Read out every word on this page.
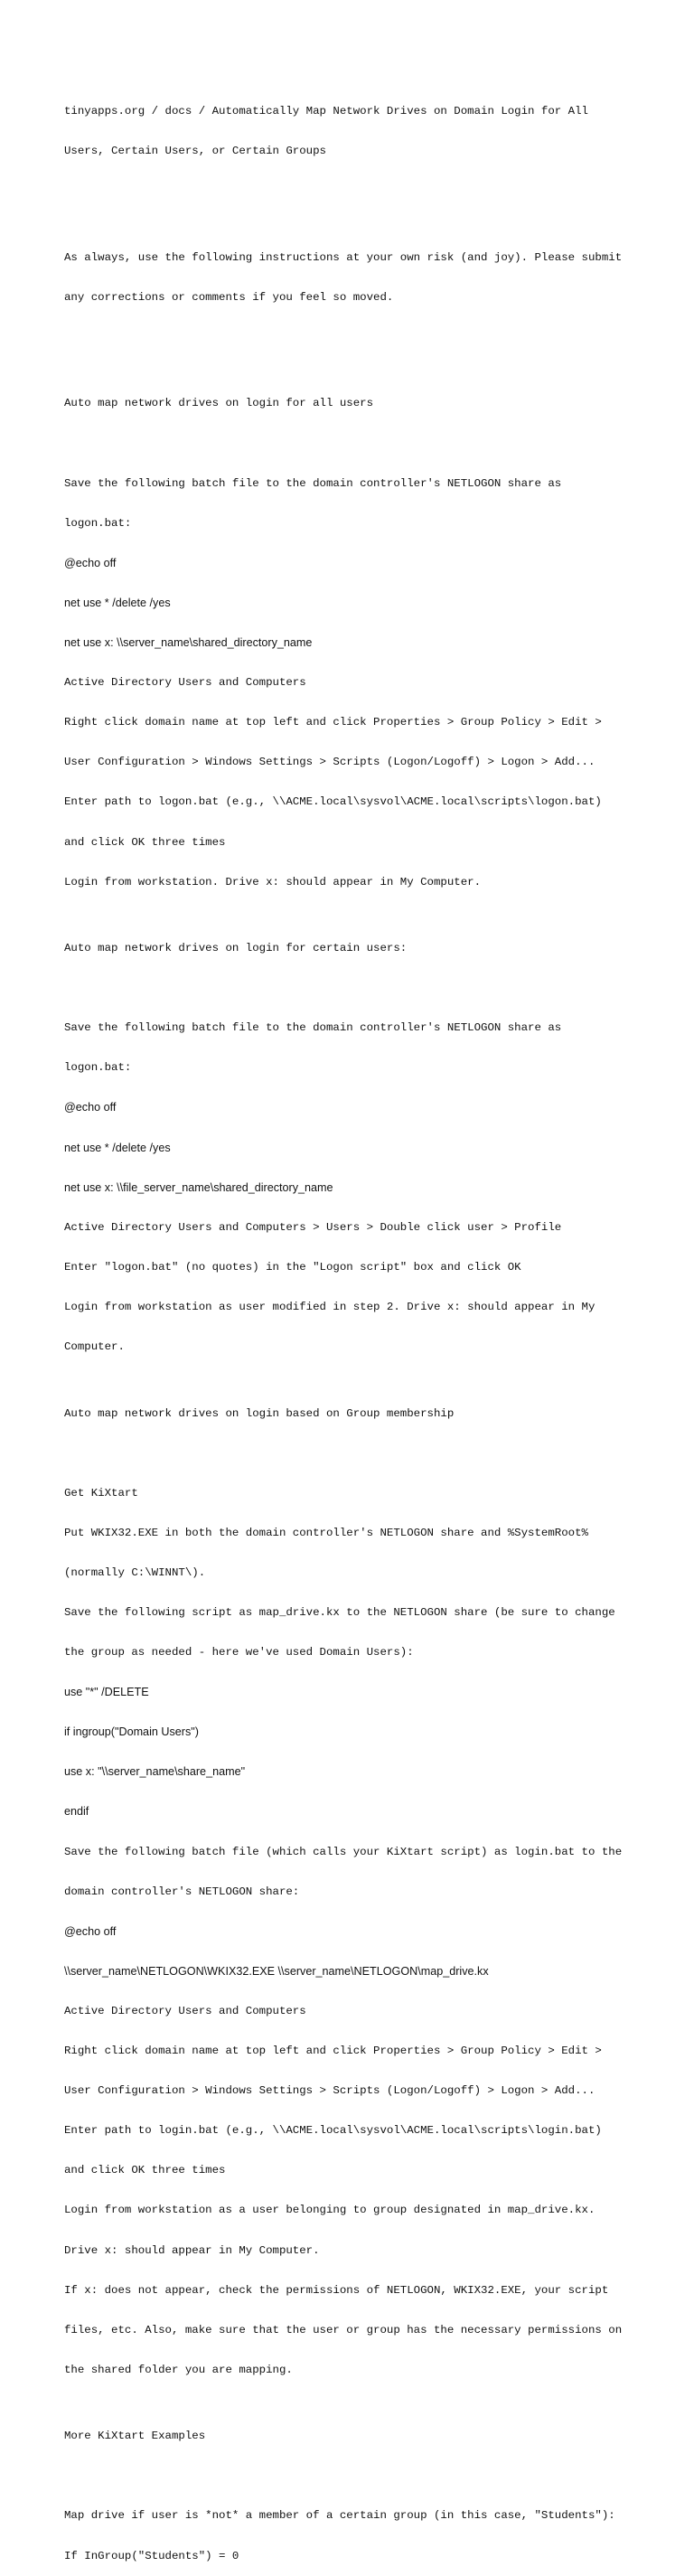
tinyapps.org / docs / Automatically Map Network Drives on Domain Login for All

Users, Certain Users, or Certain Groups

As always, use the following instructions at your own risk (and joy). Please submit

any corrections or comments if you feel so moved.

Auto map network drives on login for all users

Save the following batch file to the domain controller's NETLOGON share as

logon.bat:

@echo off

net use * /delete /yes

net use x: \\server_name\shared_directory_name

Active Directory Users and Computers

Right click domain name at top left and click Properties > Group Policy > Edit >

User Configuration > Windows Settings > Scripts (Logon/Logoff) > Logon > Add...

Enter path to logon.bat (e.g., \\ACME.local\sysvol\ACME.local\scripts\logon.bat)

and click OK three times

Login from workstation. Drive x: should appear in My Computer.

Auto map network drives on login for certain users:

Save the following batch file to the domain controller's NETLOGON share as

logon.bat:

@echo off

net use * /delete /yes

net use x: \\file_server_name\shared_directory_name

Active Directory Users and Computers > Users > Double click user > Profile

Enter "logon.bat" (no quotes) in the "Logon script" box and click OK

Login from workstation as user modified in step 2. Drive x: should appear in My

Computer.

Auto map network drives on login based on Group membership

Get KiXtart

Put WKIX32.EXE in both the domain controller's NETLOGON share and %SystemRoot%

(normally C:\WINNT\).

Save the following script as map_drive.kx to the NETLOGON share (be sure to change

the group as needed - here we've used Domain Users):

use "*" /DELETE

if ingroup("Domain Users")

use x: "\\server_name\share_name"

endif

Save the following batch file (which calls your KiXtart script) as login.bat to the

domain controller's NETLOGON share:

@echo off

\\server_name\NETLOGON\WKIX32.EXE \\server_name\NETLOGON\map_drive.kx

Active Directory Users and Computers

Right click domain name at top left and click Properties > Group Policy > Edit >

User Configuration > Windows Settings > Scripts (Logon/Logoff) > Logon > Add...

Enter path to login.bat (e.g., \\ACME.local\sysvol\ACME.local\scripts\login.bat)

and click OK three times

Login from workstation as a user belonging to group designated in map_drive.kx.

Drive x: should appear in My Computer.

If x: does not appear, check the permissions of NETLOGON, WKIX32.EXE, your script

files, etc. Also, make sure that the user or group has the necessary permissions on

the shared folder you are mapping.

More KiXtart Examples

Map drive if user is *not* a member of a certain group (in this case, "Students"):

If InGroup("Students") = 0
